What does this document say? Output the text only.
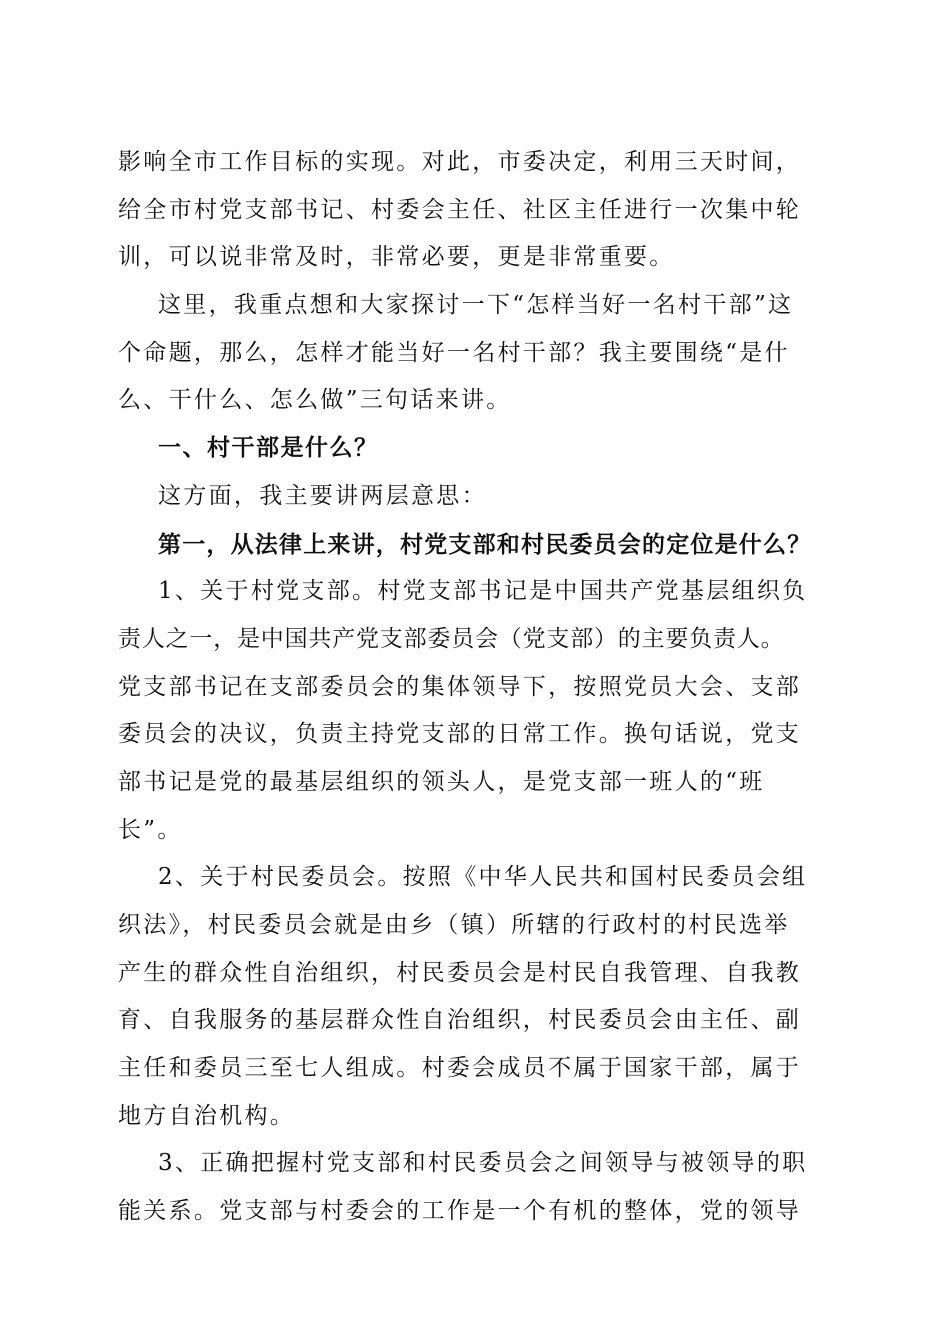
影响全市工作目标的实现。对此，市委决定，利用三天时间，
给全市村党支部书记、村委会主任、社区主任进行一次集中轮
训，可以说非常及时，非常必要，更是非常重要。
这里，我重点想和大家探讨一下“怎样当好一名村干部”这
个命题，那么，怎样才能当好一名村干部？我主要围绕“是什
么、干什么、怎么做”三句话来讲。
一、村干部是什么？
这方面，我主要讲两层意思：
第一，从法律上来讲，村党支部和村民委员会的定位是什么？
1、关于村党支部。村党支部书记是中国共产党基层组织负
责人之一，是中国共产党支部委员会（党支部）的主要负责人。
党支部书记在支部委员会的集体领导下，按照党员大会、支部
委员会的决议，负责主持党支部的日常工作。换句话说，党支
部书记是党的最基层组织的领头人，是党支部一班人的“班
长”。
2、关于村民委员会。按照《中华人民共和国村民委员会组
织法》，村民委员会就是由乡（镇）所辖的行政村的村民选举
产生的群众性自治组织，村民委员会是村民自我管理、自我教
育、自我服务的基层群众性自治组织，村民委员会由主任、副
主任和委员三至七人组成。村委会成员不属于国家干部，属于
地方自治机构。
3、正确把握村党支部和村民委员会之间领导与被领导的职
能关系。党支部与村委会的工作是一个有机的整体，党的领导
